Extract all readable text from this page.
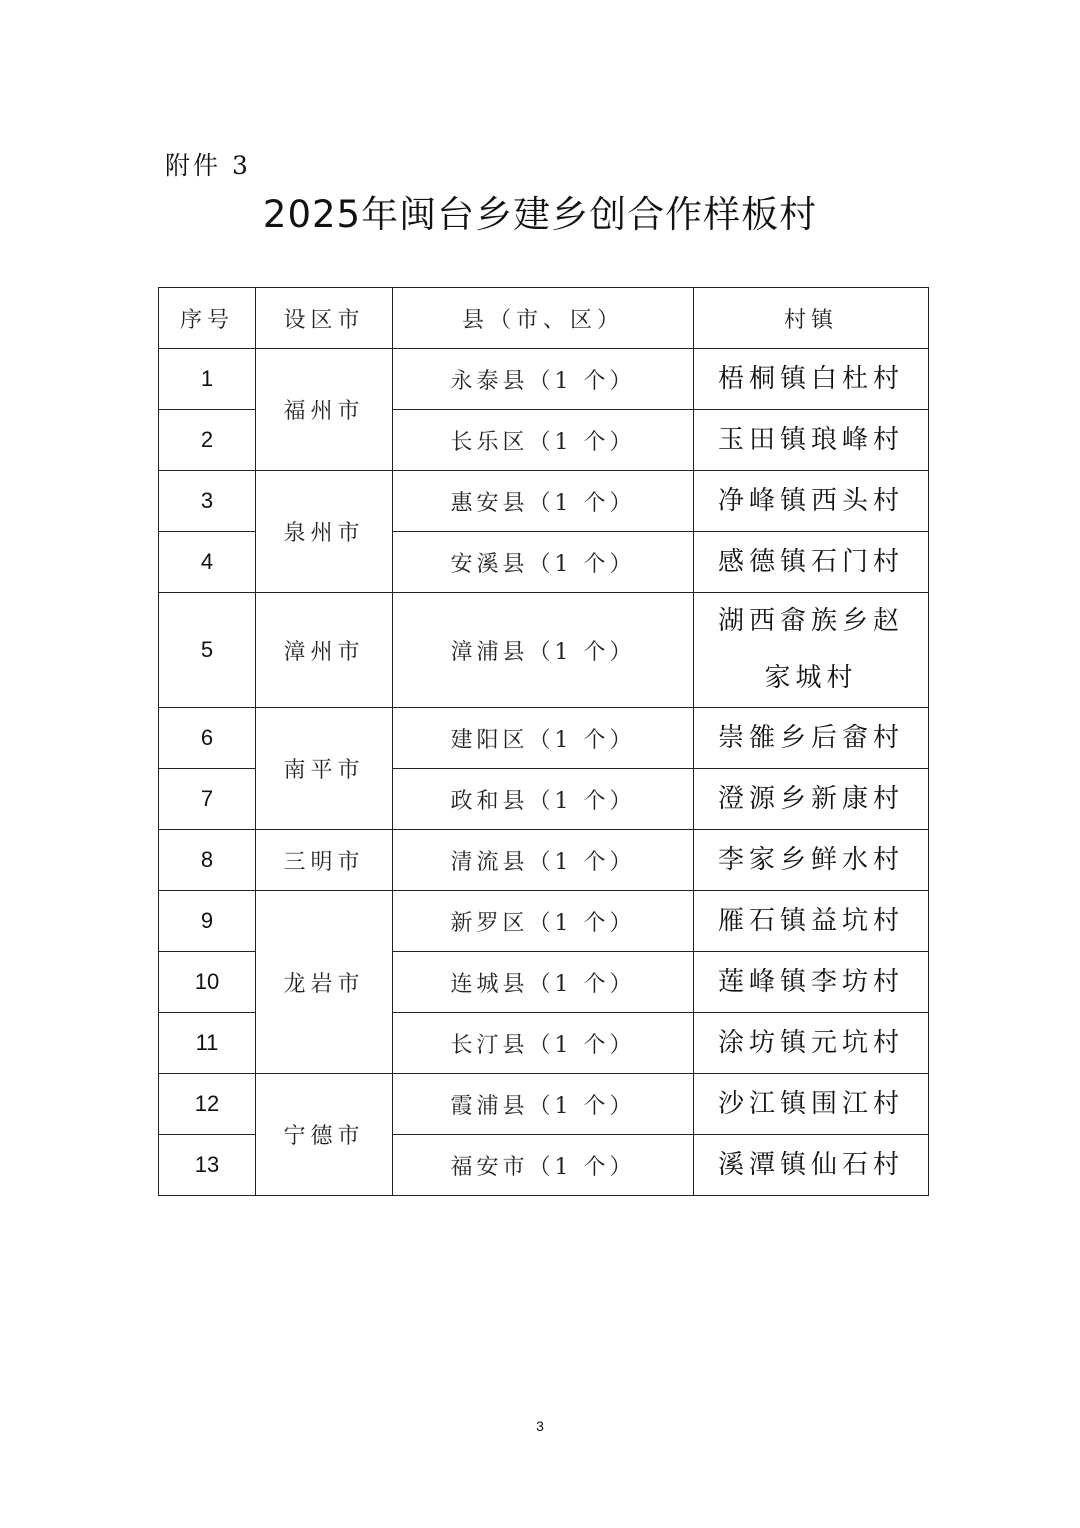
附件 3
2025年闽台乡建乡创合作样板村
序号	设区市	县（市、区）	村镇
1	福州市	永泰县（1 个）	梧桐镇白杜村
2		长乐区（1 个）	玉田镇琅峰村
3	泉州市	惠安县（1 个）	净峰镇西头村
4		安溪县（1 个）	感德镇石门村
5	漳州市	漳浦县（1 个）	湖西畲族乡赵家城村
6	南平市	建阳区（1 个）	崇雒乡后畲村
7		政和县（1 个）	澄源乡新康村
8	三明市	清流县（1 个）	李家乡鲜水村
9	龙岩市	新罗区（1 个）	雁石镇益坑村
10		连城县（1 个）	莲峰镇李坊村
11		长汀县（1 个）	涂坊镇元坑村
12	宁德市	霞浦县（1 个）	沙江镇围江村
13		福安市（1 个）	溪潭镇仙石村
3
